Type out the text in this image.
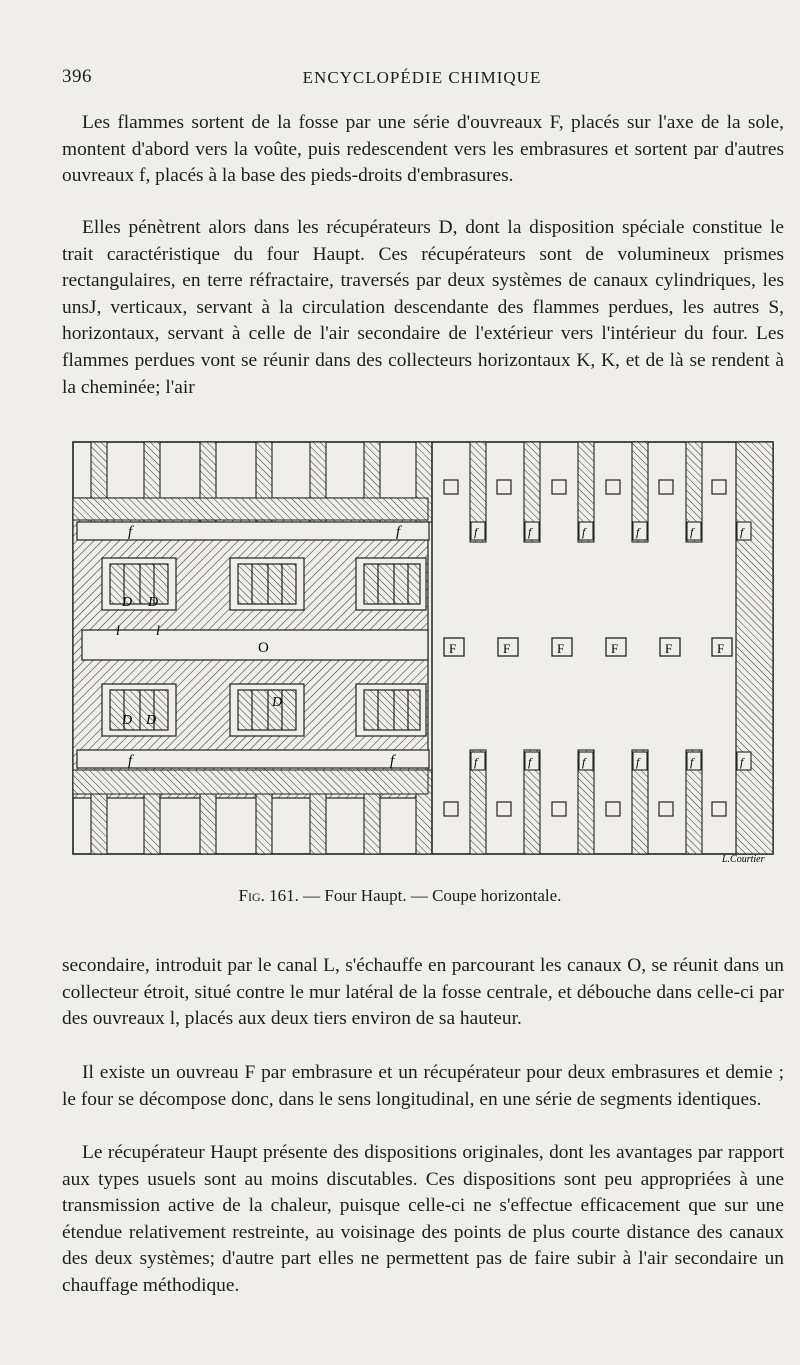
396	ENCYCLOPÉDIE CHIMIQUE

Les flammes sortent de la fosse par une série d'ouvreaux F, placés sur l'axe de la sole, montent d'abord vers la voûte, puis redescendent vers les embrasures et sortent par d'autres ouvreaux f, placés à la base des pieds-droits d'embrasures.

Elles pénètrent alors dans les récupérateurs D, dont la disposition spéciale constitue le trait caractéristique du four Haupt. Ces récupérateurs sont de volumineux prismes rectangulaires, en terre réfractaire, traversés par deux systèmes de canaux cylindriques, les unsJ, verticaux, servant à la circulation descendante des flammes perdues, les autres S, horizontaux, servant à celle de l'air secondaire de l'extérieur vers l'intérieur du four. Les flammes perdues vont se réunir dans des collecteurs horizontaux K, K, et de là se rendent à la cheminée; l'air

f	f
f	f
O
D D
D D
D
l	l
F	F	F	F	F	F
f	f	f	f	f	f
f	f	f	f	f	f
L.Courtier
Fig. 161. — Four Haupt. — Coupe horizontale.

secondaire, introduit par le canal L, s'échauffe en parcourant les canaux O, se réunit dans un collecteur étroit, situé contre le mur latéral de la fosse centrale, et débouche dans celle-ci par des ouvreaux l, placés aux deux tiers environ de sa hauteur.

Il existe un ouvreau F par embrasure et un récupérateur pour deux embrasures et demie ; le four se décompose donc, dans le sens longitudinal, en une série de segments identiques.

Le récupérateur Haupt présente des dispositions originales, dont les avantages par rapport aux types usuels sont au moins discutables. Ces dispositions sont peu appropriées à une transmission active de la chaleur, puisque celle-ci ne s'effectue efficacement que sur une étendue relativement restreinte, au voisinage des points de plus courte distance des canaux des deux systèmes; d'autre part elles ne permettent pas de faire subir à l'air secondaire un chauffage méthodique.
